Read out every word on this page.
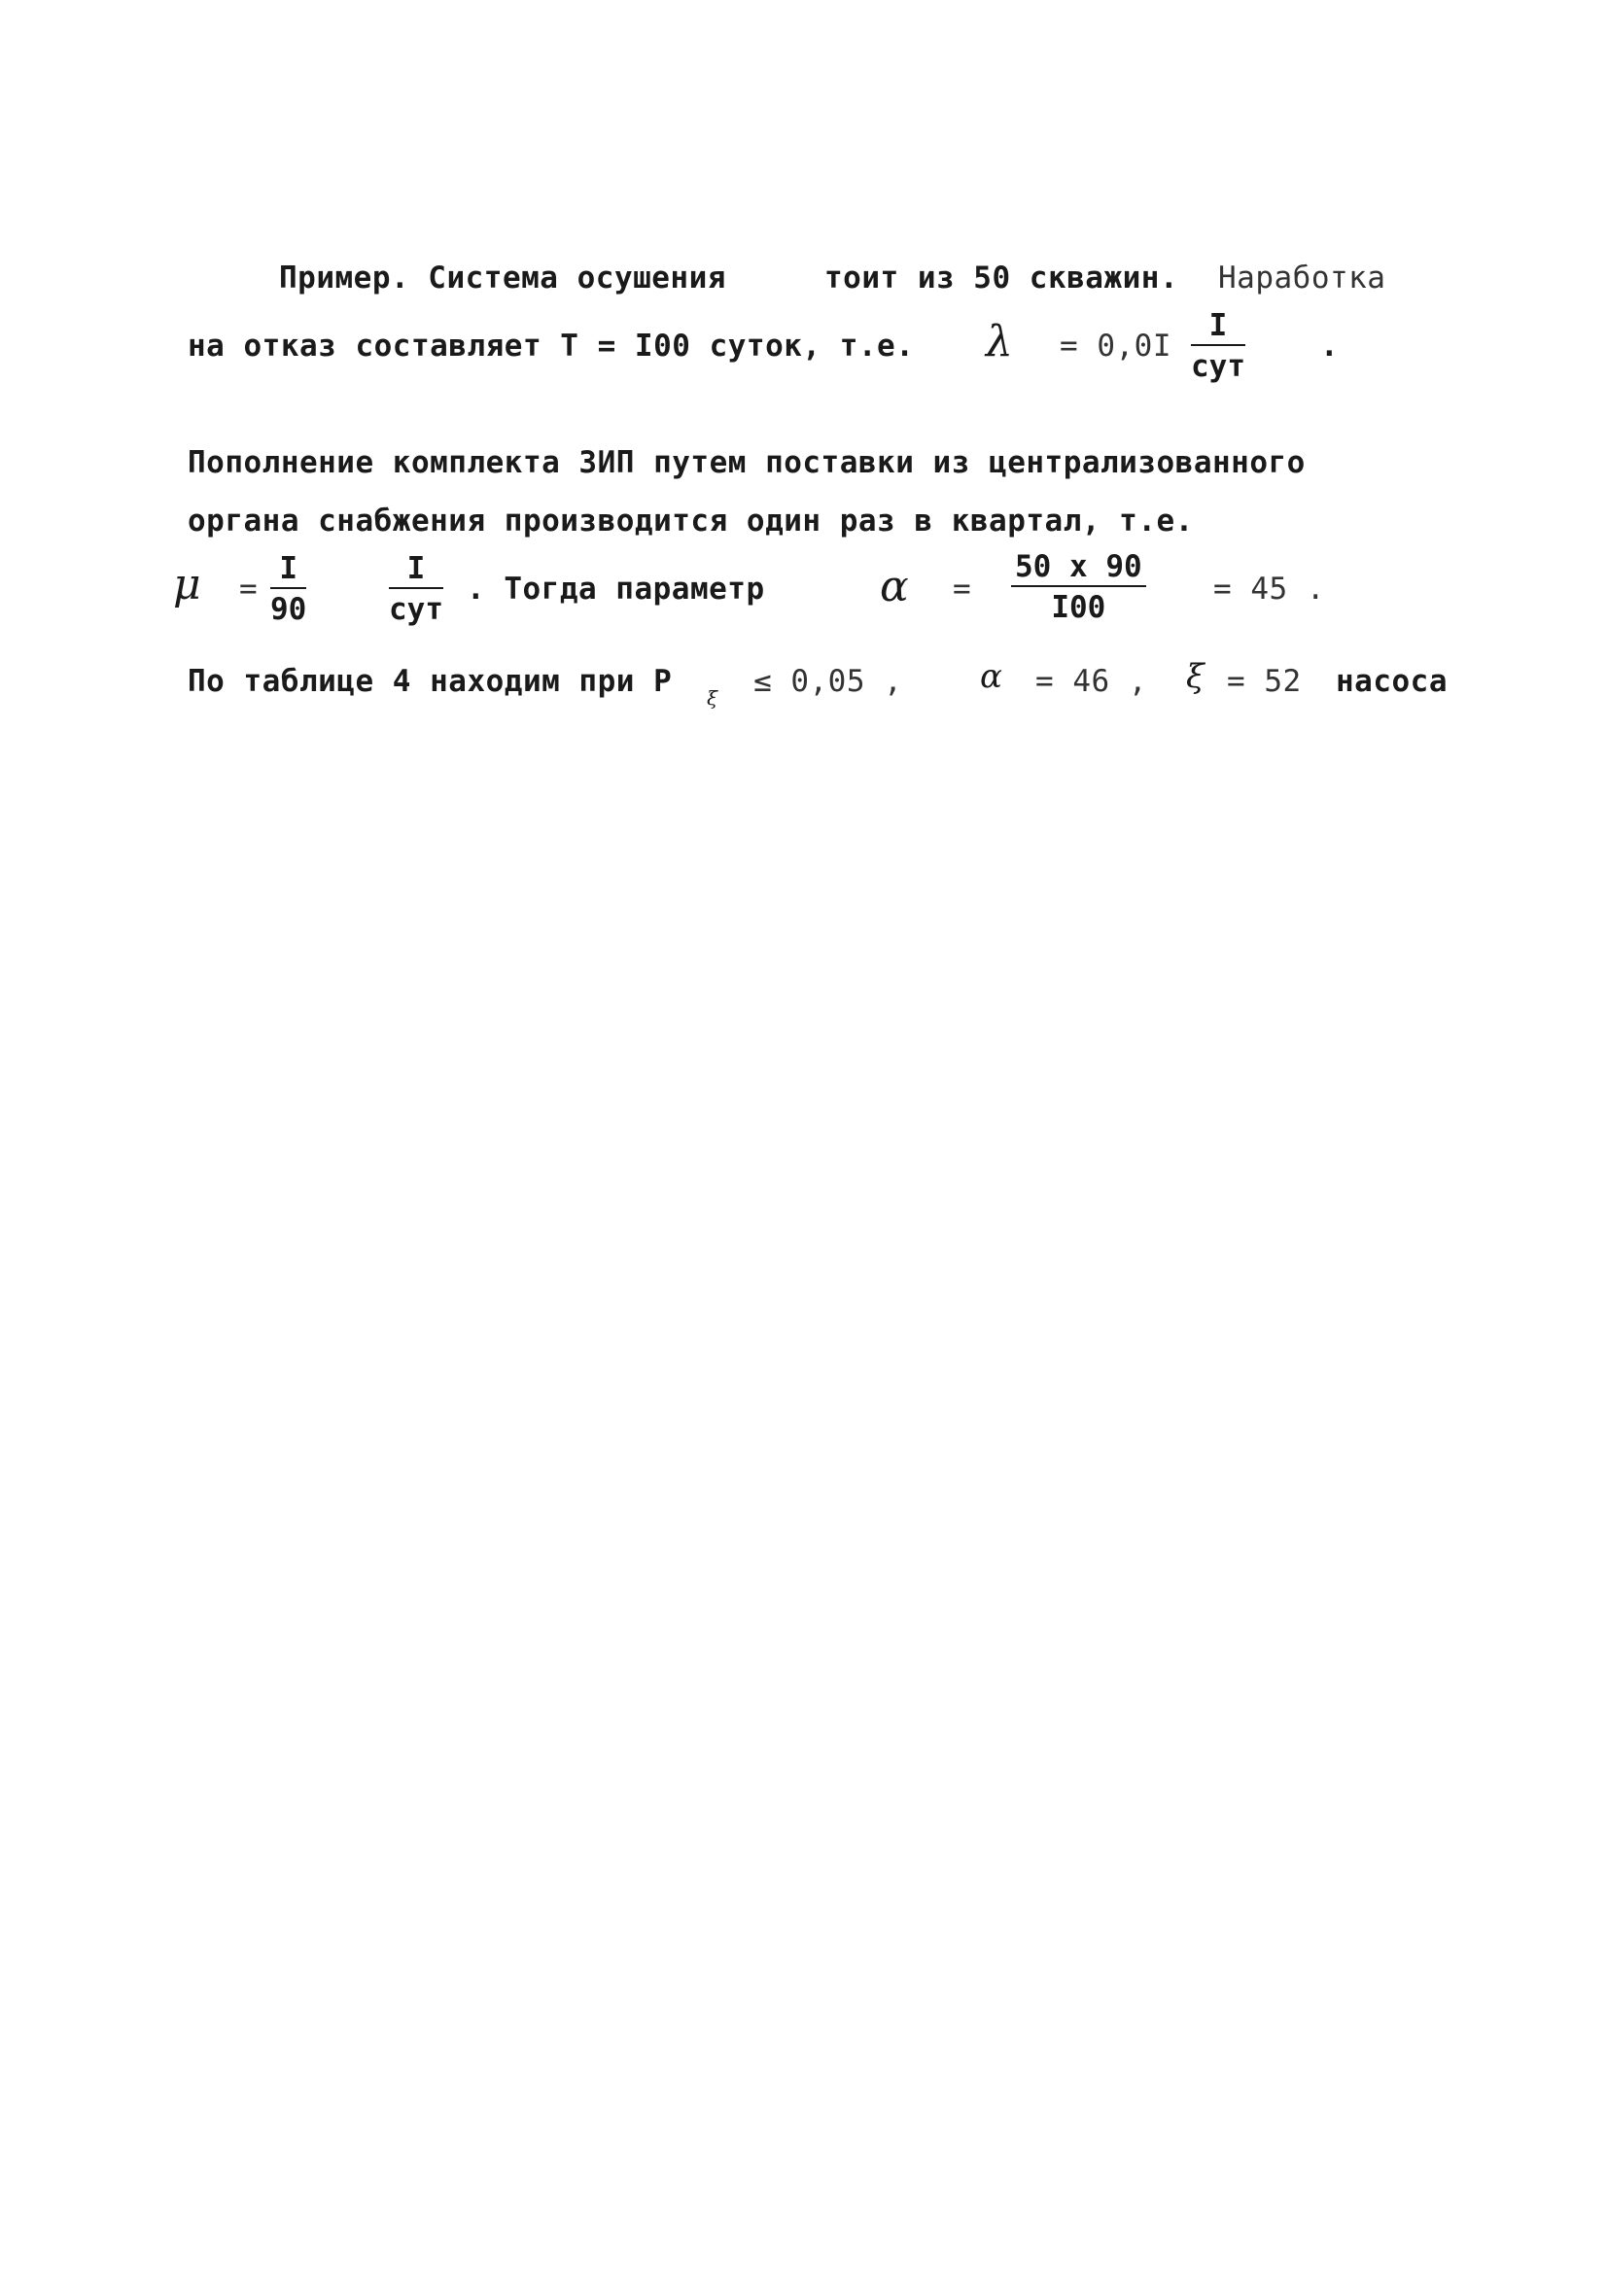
Пример. Система осушения	тоит из 50 скважин. Наработка
на отказ составляет T = I00 суток, т.е. λ = 0,0I
I
сут
.
Пополнение комплекта ЗИП путем поставки из централизованного
органа снабжения производится один раз в квартал, т.е.
μ =
I
90
I
сут
. Тогда параметр	α =
50 x 90
I00
= 45 .
По таблице 4 находим при P ξ ≤ 0,05 , α = 46 , ξ = 52 насоса
